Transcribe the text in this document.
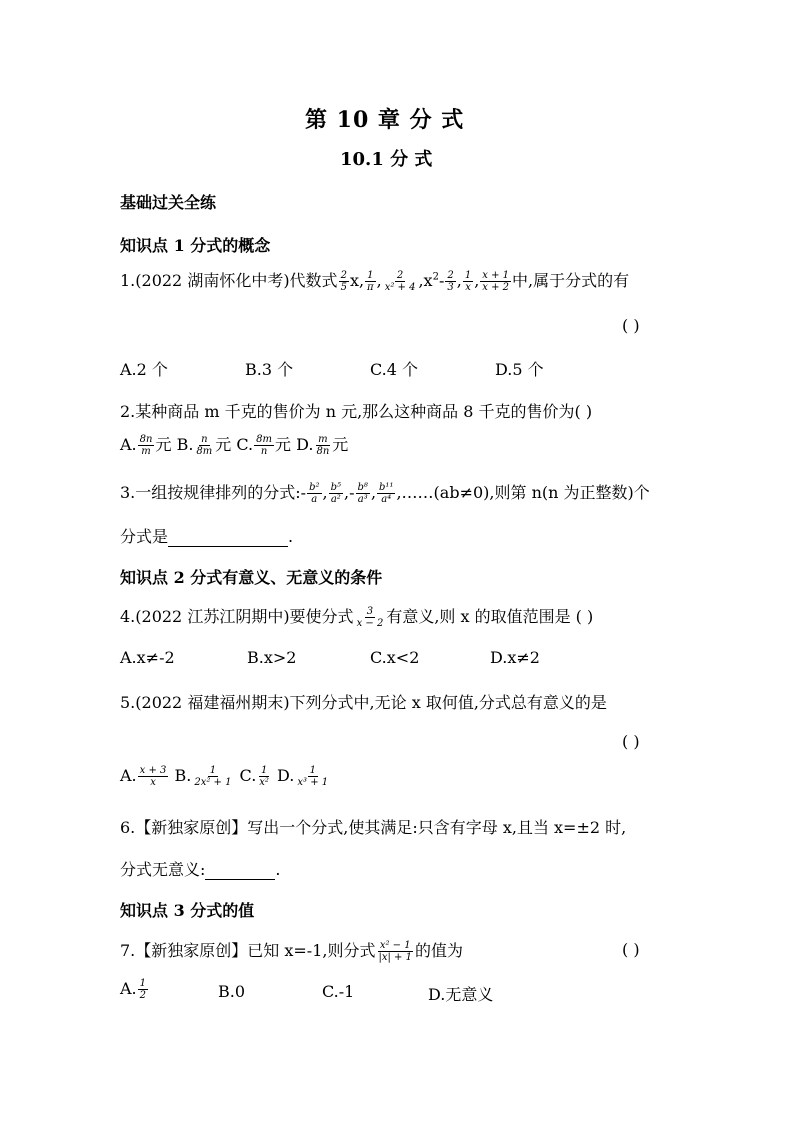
第 10 章 分 式
10.1 分 式
基础过关全练
知识点 1 分式的概念
1.(2022 湖南怀化中考)代数式 $\frac{2}{5} x$, $\frac{1}{\pi}$ , $\frac{2}{\text{x² + 4}} ,x^2- \frac{2}{3}$ , $\frac{1}{x}$ , $\frac{x + 1}{x + 2}$ 中,属于分式的有
( )
A.2 个	B.3 个	C.4 个	D.5 个
2.某种商品 m 千克的售价为 n 元,那么这种商品 8 千克的售价为( )
A. $\frac{8n}{m}$ 元 B. $\frac{n}{8m}$ 元 C. $\frac{8m}{n}$ 元 D. $\frac{m}{8n}$ 元
3.一组按规律排列的分式:- $\frac{\text{b²}}{a}$ , $\frac{\text{b⁵}}{\text{a²}}$ ,- $\frac{\text{b⁸}}{\text{a³}}$ , $\frac{\text{b¹¹}}{\text{a⁴}}$ ,……(ab≠0),则第 n(n 为正整数)个
分式是	.
知识点 2 分式有意义、无意义的条件
4.(2022 江苏江阴期中)要使分式 $\frac{3}{x - 2}$ 有意义,则 x 的取值范围是 ( )
A.x≠-2	B.x>2	C.x<2	D.x≠2
5.(2022 福建福州期末)下列分式中,无论 x 取何值,分式总有意义的是
( )
A. $\frac{x + 3}{x} B$. $\frac{1}{\text{2x² + 1}} C$. $\frac{1}{\text{x²}} D$. $\frac{1}{\text{x³ + 1}}$
6.【新独家原创】写出一个分式,使其满足:只含有字母 x,且当 x=±2 时,
分式无意义:	.
知识点 3 分式的值
7.【新独家原创】已知 x=-1,则分式 $\frac{\text{x² − 1}}{|x| + 1}$ 的值为	( )
A. $\frac{1}{2}$	B.0	C.-1	D.无意义
